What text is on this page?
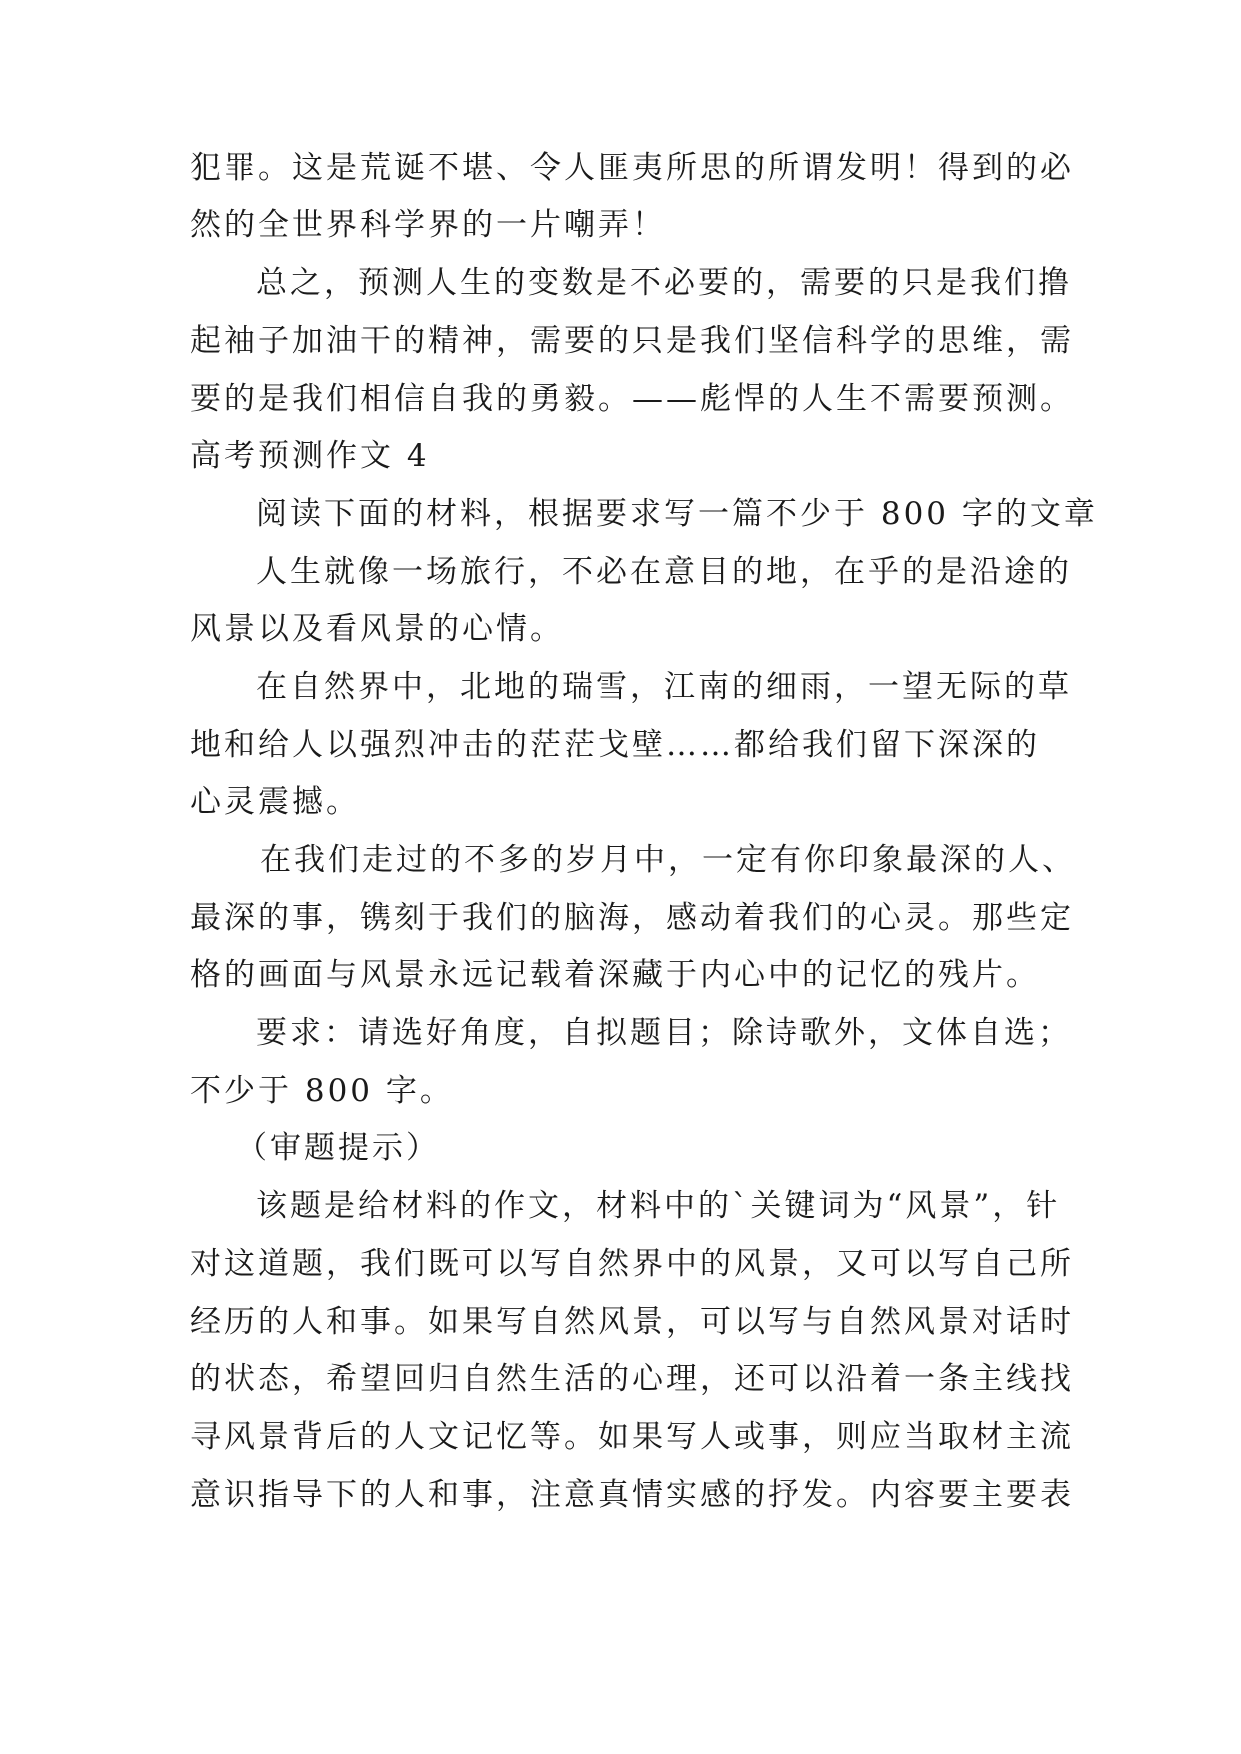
犯罪。这是荒诞不堪、令人匪夷所思的所谓发明！得到的必
然的全世界科学界的一片嘲弄！
总之，预测人生的变数是不必要的，需要的只是我们撸
起袖子加油干的精神，需要的只是我们坚信科学的思维，需
要的是我们相信自我的勇毅。——彪悍的人生不需要预测。
高考预测作文 4
阅读下面的材料，根据要求写一篇不少于 800 字的文章
人生就像一场旅行，不必在意目的地，在乎的是沿途的
风景以及看风景的心情。
在自然界中，北地的瑞雪，江南的细雨，一望无际的草
地和给人以强烈冲击的茫茫戈壁……都给我们留下深深的
心灵震撼。
在我们走过的不多的岁月中，一定有你印象最深的人、
最深的事，镌刻于我们的脑海，感动着我们的心灵。那些定
格的画面与风景永远记载着深藏于内心中的记忆的残片。
要求：请选好角度，自拟题目；除诗歌外，文体自选；
不少于 800 字。
（审题提示）
该题是给材料的作文，材料中的`关键词为“风景”，针
对这道题，我们既可以写自然界中的风景，又可以写自己所
经历的人和事。如果写自然风景，可以写与自然风景对话时
的状态，希望回归自然生活的心理，还可以沿着一条主线找
寻风景背后的人文记忆等。如果写人或事，则应当取材主流
意识指导下的人和事，注意真情实感的抒发。内容要主要表
